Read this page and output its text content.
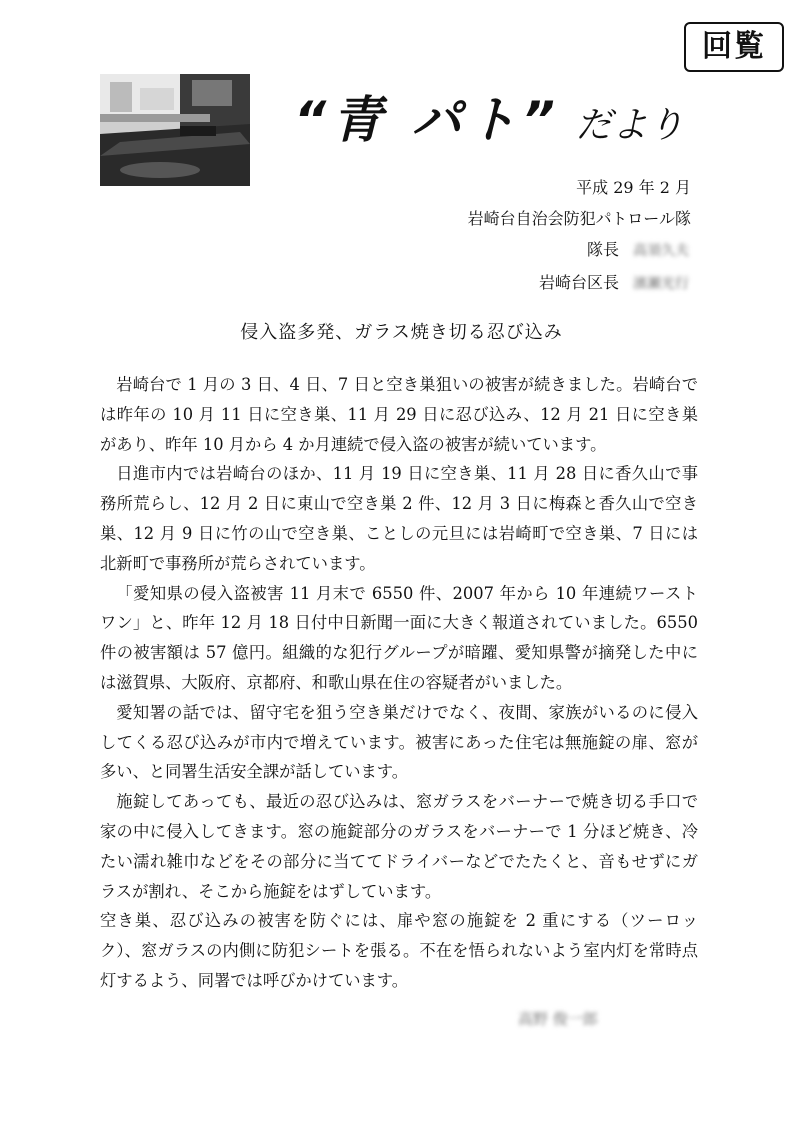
回覧
“青 パト” だより
平成 29 年 2 月
岩崎台自治会防犯パトロール隊
隊長 高須久夫
岩崎台区長 濱瀬光行
侵入盗多発、ガラス焼き切る忍び込み

岩崎台で 1 月の 3 日、4 日、7 日と空き巣狙いの被害が続きました。岩崎台では昨年の 10 月 11 日に空き巣、11 月 29 日に忍び込み、12 月 21 日に空き巣があり、昨年 10 月から 4 か月連続で侵入盗の被害が続いています。

日進市内では岩崎台のほか、11 月 19 日に空き巣、11 月 28 日に香久山で事務所荒らし、12 月 2 日に東山で空き巣 2 件、12 月 3 日に梅森と香久山で空き巣、12 月 9 日に竹の山で空き巣、ことしの元旦には岩崎町で空き巣、7 日には北新町で事務所が荒らされています。

「愛知県の侵入盗被害 11 月末で 6550 件、2007 年から 10 年連続ワーストワン」と、昨年 12 月 18 日付中日新聞一面に大きく報道されていました。6550 件の被害額は 57 億円。組織的な犯行グループが暗躍、愛知県警が摘発した中には滋賀県、大阪府、京都府、和歌山県在住の容疑者がいました。

愛知署の話では、留守宅を狙う空き巣だけでなく、夜間、家族がいるのに侵入してくる忍び込みが市内で増えています。被害にあった住宅は無施錠の扉、窓が多い、と同署生活安全課が話しています。

施錠してあっても、最近の忍び込みは、窓ガラスをバーナーで焼き切る手口で家の中に侵入してきます。窓の施錠部分のガラスをバーナーで 1 分ほど焼き、冷たい濡れ雑巾などをその部分に当ててドライバーなどでたたくと、音もせずにガラスが割れ、そこから施錠をはずしています。

空き巣、忍び込みの被害を防ぐには、扉や窓の施錠を 2 重にする（ツーロック）、窓ガラスの内側に防犯シートを張る。不在を悟られないよう室内灯を常時点灯するよう、同署では呼びかけています。

高野 俊一郎
